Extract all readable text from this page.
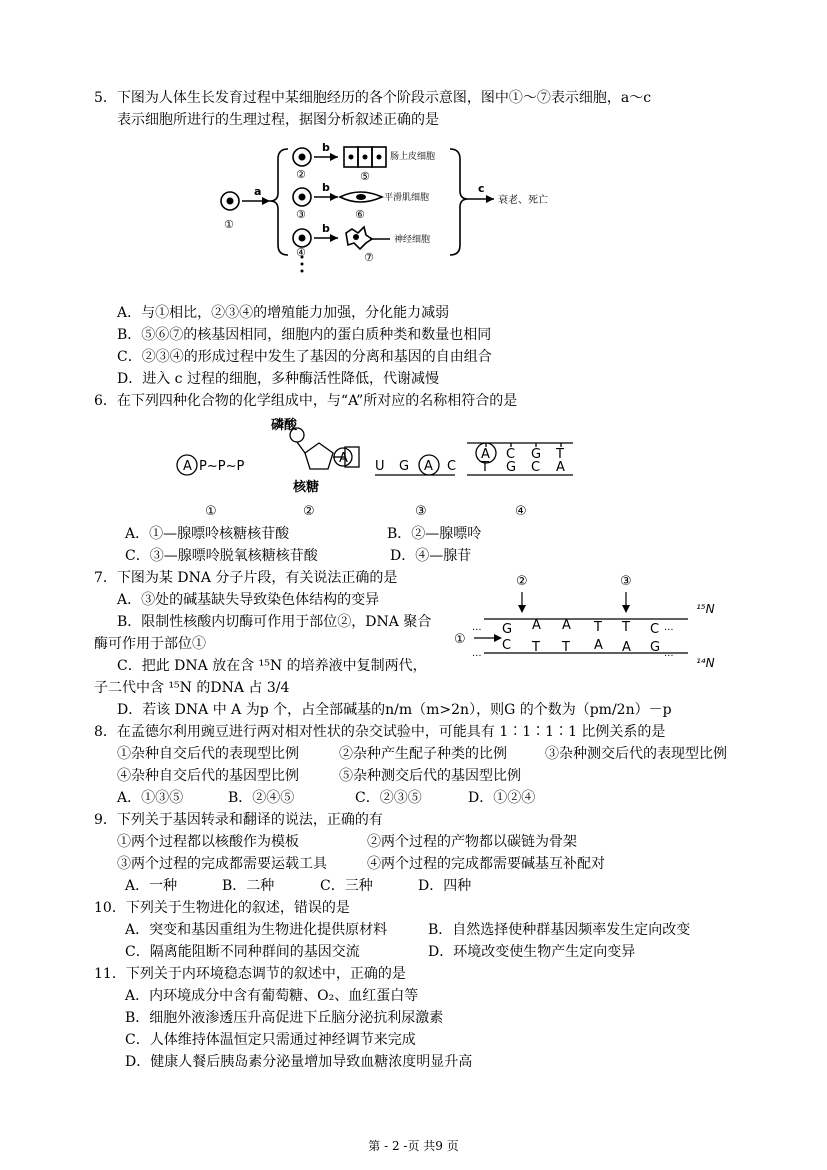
5．下图为人体生长发育过程中某细胞经历的各个阶段示意图，图中①～⑦表示细胞，a～c
表示细胞所进行的生理过程，据图分析叙述正确的是
①
②
③
④
⑤
⑥
⑦
a
b
b
b
c
肠上皮细胞
平滑肌细胞
神经细胞
衰老、死亡
A．与①相比，②③④的增殖能力加强，分化能力减弱
B．⑤⑥⑦的核基因相同，细胞内的蛋白质种类和数量也相同
C．②③④的形成过程中发生了基因的分离和基因的自由组合
D．进入 c 过程的细胞，多种酶活性降低，代谢减慢
6．在下列四种化合物的化学组成中，与“A”所对应的名称相符合的是
A P~P~P
磷酸
核糖
A
U G A C
A C G T
T G C A
①	②	③	④
A．①—腺嘌呤核糖核苷酸	B．②—腺嘌呤
C．③—腺嘌呤脱氧核糖核苷酸	D．④—腺苷
7．下图为某 DNA 分子片段，有关说法正确的是
A．③处的碱基缺失导致染色体结构的变异
B．限制性核酸内切酶可作用于部位②，DNA 聚合
酶可作用于部位①
C．把此 DNA 放在含 ¹⁵N 的培养液中复制两代，
子二代中含 ¹⁵N 的DNA 占 3/4
D．若该 DNA 中 A 为p 个，占全部碱基的n/m（m>2n），则G 的个数为（pm/2n）－p
②	③
①
···
···
G A A T T C
C T T A A G
···
···
¹⁵N
¹⁴N
8．在孟德尔利用豌豆进行两对相对性状的杂交试验中，可能具有 1∶1∶1∶1 比例关系的是
①杂种自交后代的表现型比例	②杂种产生配子种类的比例	③杂种测交后代的表现型比例
④杂种自交后代的基因型比例	⑤杂种测交后代的基因型比例
A．①③⑤	B．②④⑤	C．②③⑤	D．①②④
9．下列关于基因转录和翻译的说法，正确的有
①两个过程都以核酸作为模板	②两个过程的产物都以碳链为骨架
③两个过程的完成都需要运载工具	④两个过程的完成都需要碱基互补配对
A．一种	B．二种	C．三种	D．四种
10．下列关于生物进化的叙述，错误的是
A．突变和基因重组为生物进化提供原材料	B．自然选择使种群基因频率发生定向改变
C．隔离能阻断不同种群间的基因交流	D．环境改变使生物产生定向变异
11．下列关于内环境稳态调节的叙述中，正确的是
A．内环境成分中含有葡萄糖、O₂、血红蛋白等
B．细胞外液渗透压升高促进下丘脑分泌抗利尿激素
C．人体维持体温恒定只需通过神经调节来完成
D．健康人餐后胰岛素分泌量增加导致血糖浓度明显升高
第 - 2 -页 共9 页
